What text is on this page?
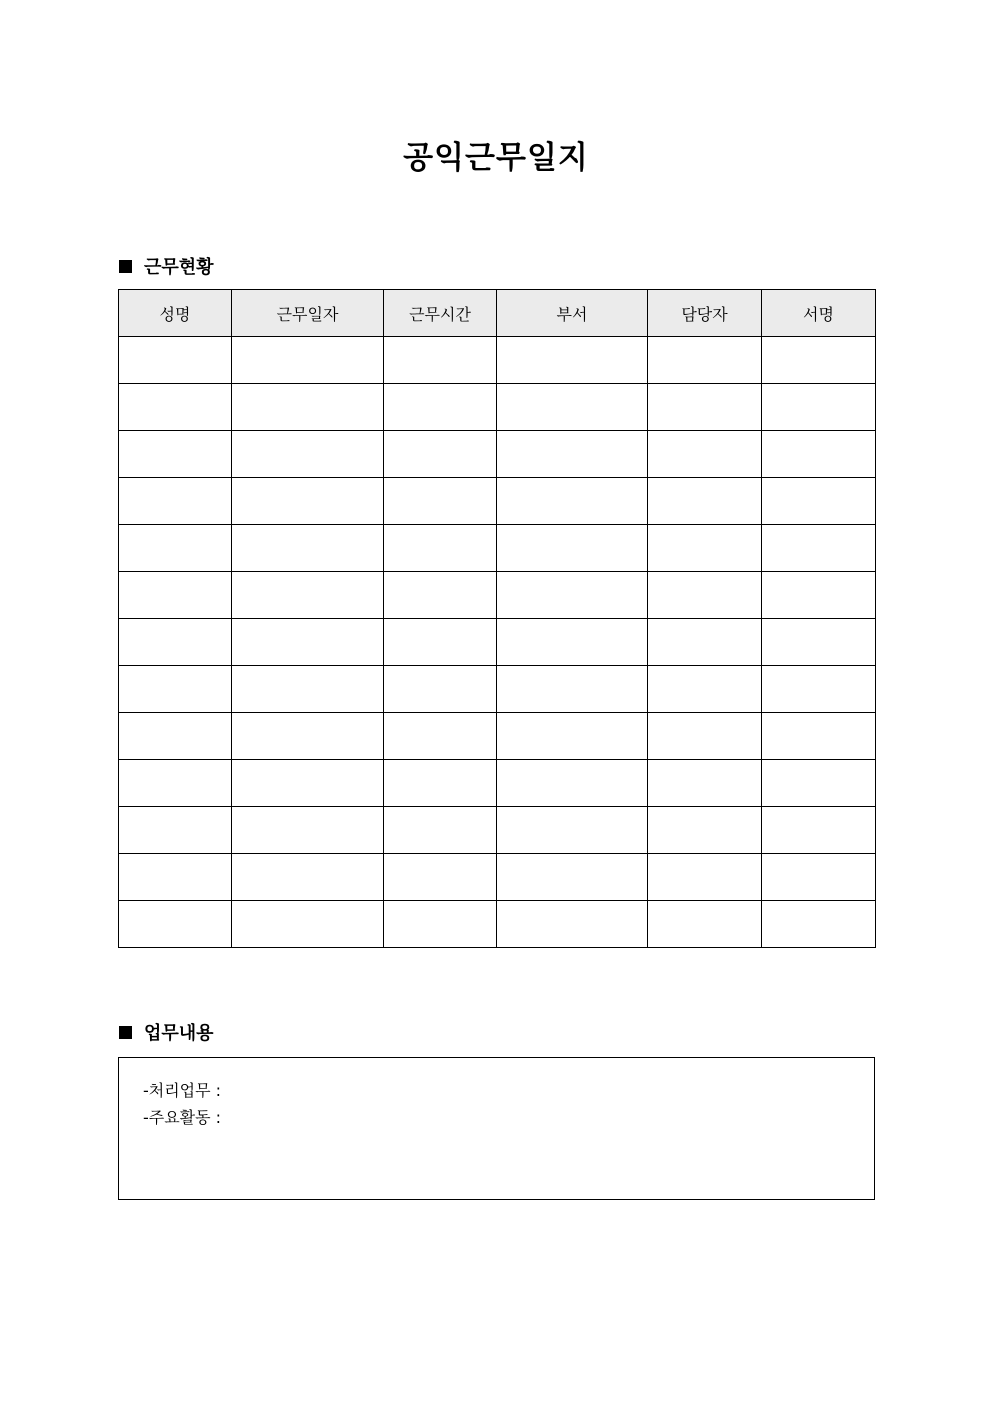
공익근무일지
근무현황
성명	근무일자	근무시간	부서	담당자	서명

업무내용
-처리업무 :
-주요활동 :
